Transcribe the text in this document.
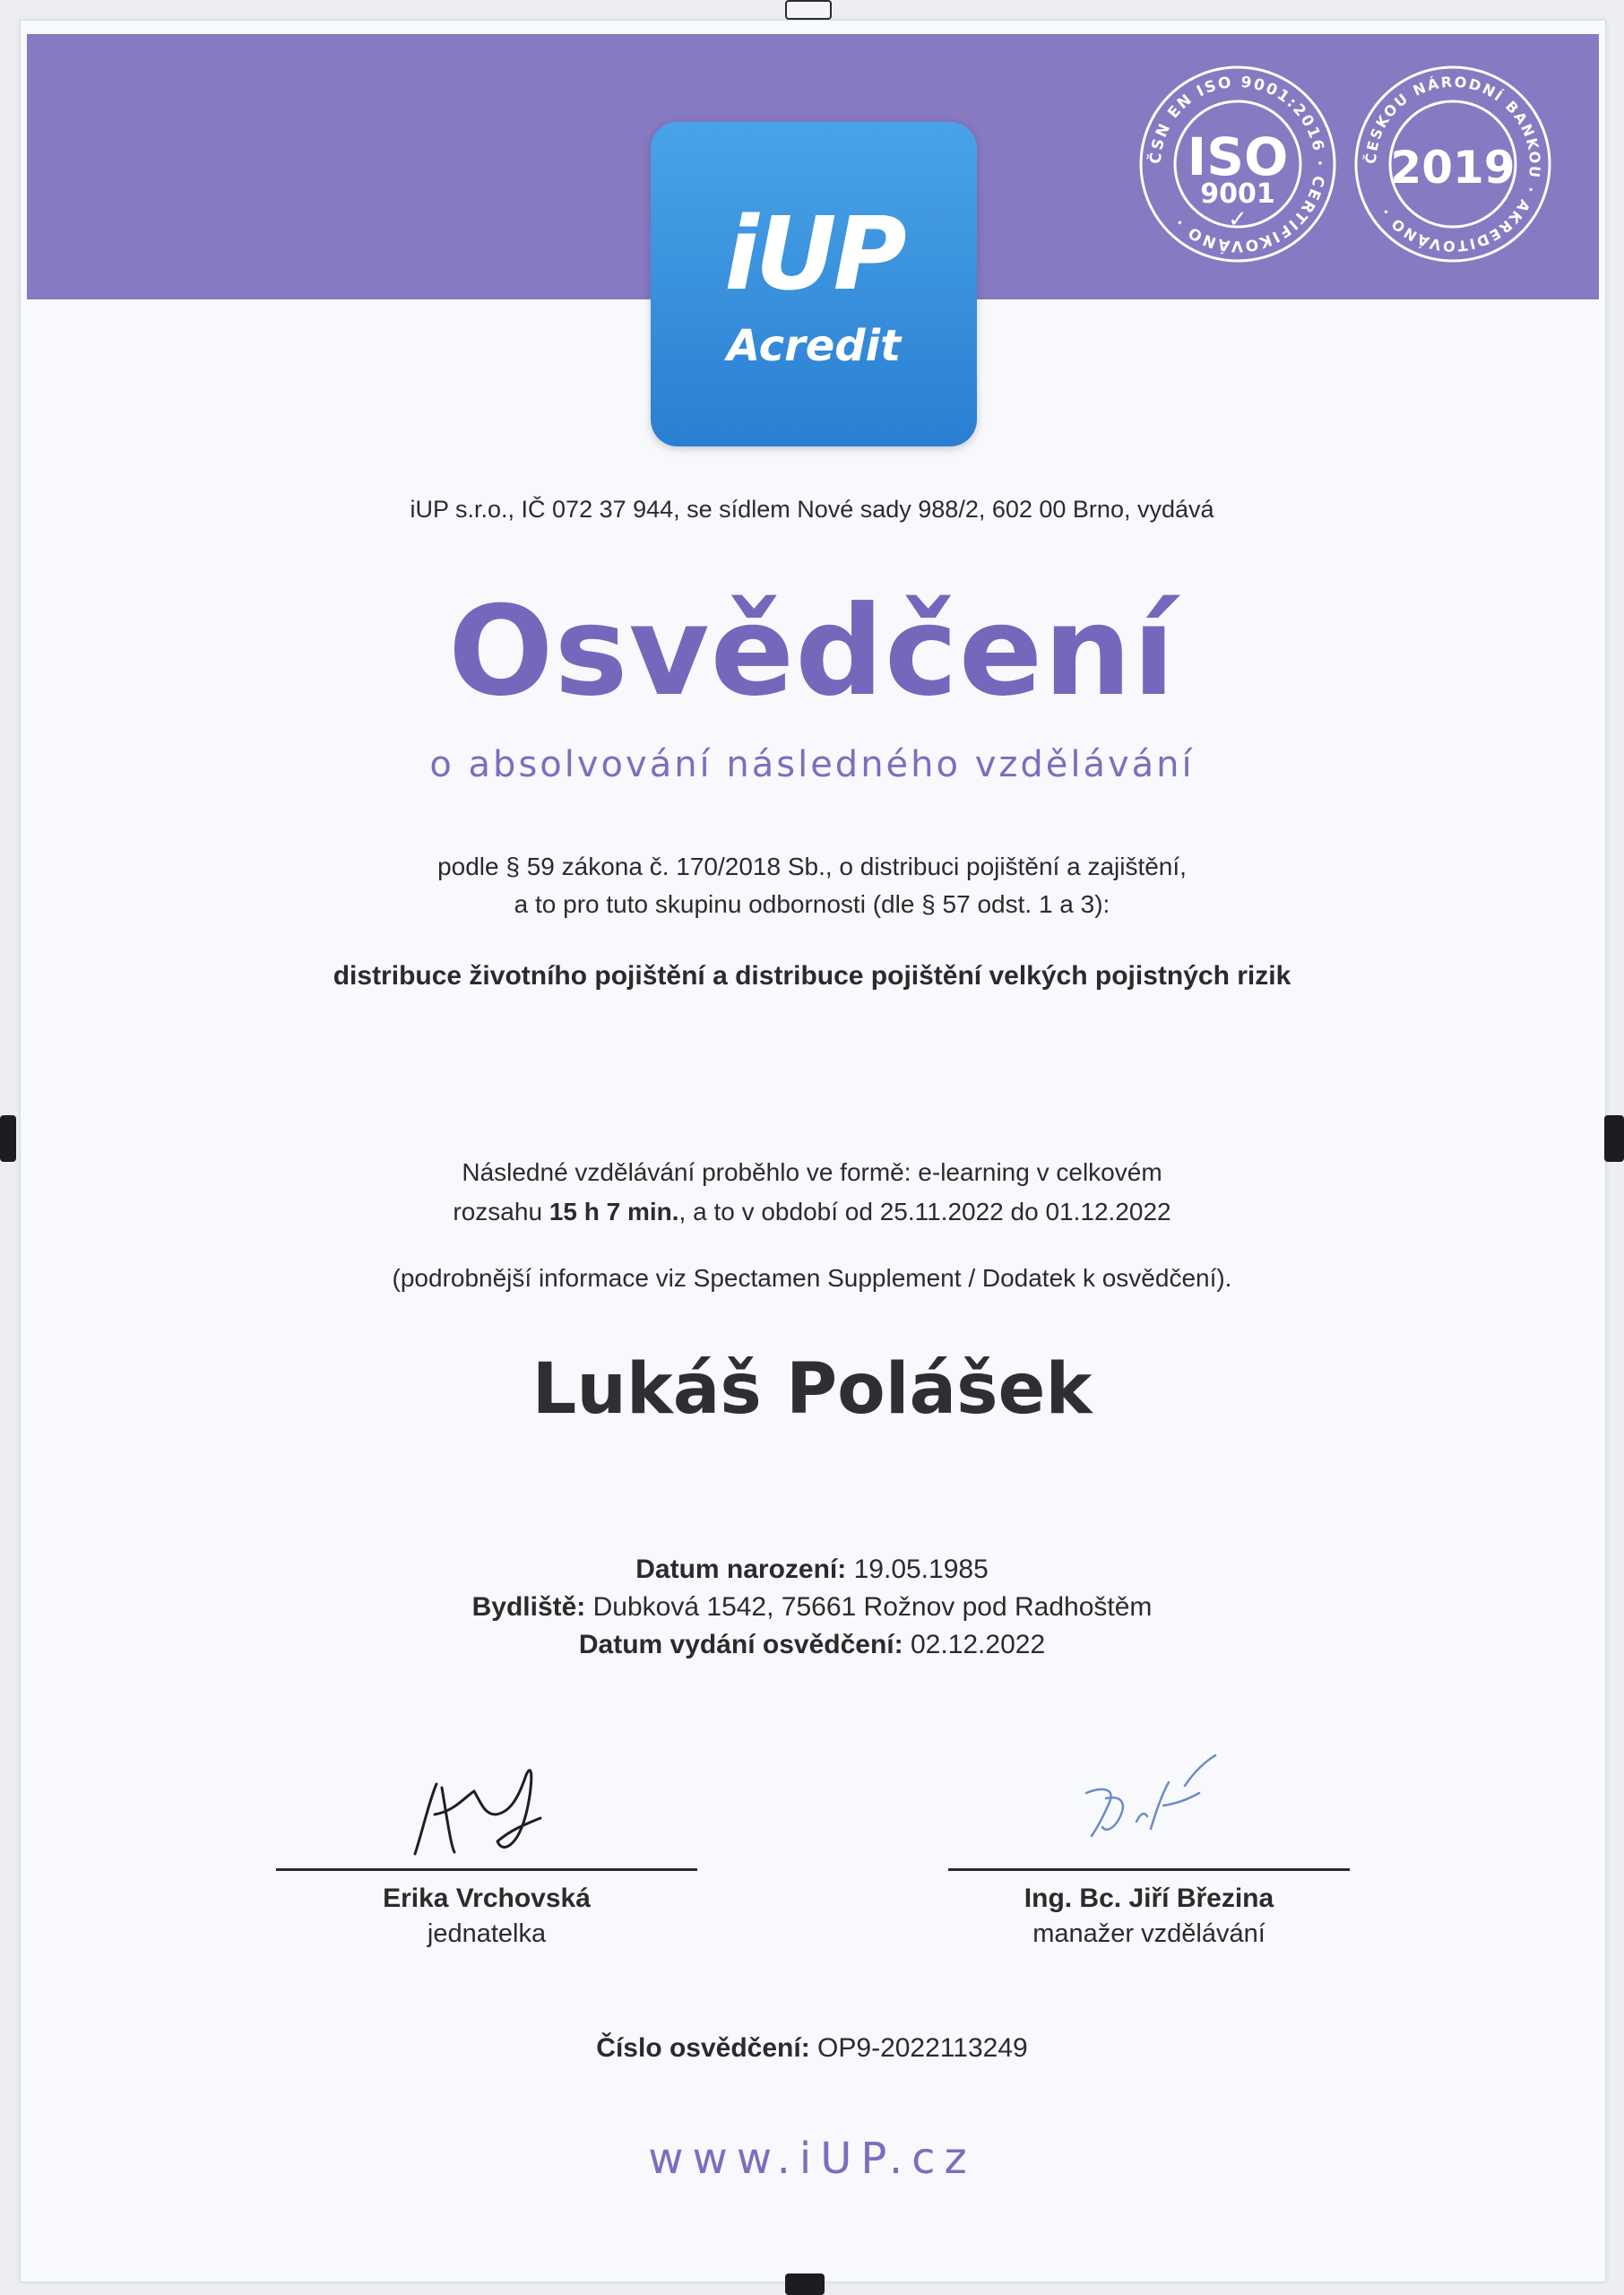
iUP
Acredit
ČSN EN ISO 9001:2016 · CERTIFIKOVÁNO ·
ISO
9001
✓
ČESKOU NÁRODNÍ BANKOU · AKREDITOVÁNO ·
2019
iUP s.r.o., IČ 072 37 944, se sídlem Nové sady 988/2, 602 00 Brno, vydává
Osvědčení
o absolvování následného vzdělávání
podle § 59 zákona č. 170/2018 Sb., o distribuci pojištění a zajištění,
a to pro tuto skupinu odbornosti (dle § 57 odst. 1 a 3):
distribuce životního pojištění a distribuce pojištění velkých pojistných rizik
Následné vzdělávání proběhlo ve formě: e-learning v celkovém
rozsahu 15 h 7 min., a to v období od 25.11.2022 do 01.12.2022
(podrobnější informace viz Spectamen Supplement / Dodatek k osvědčení).
Lukáš Polášek
Datum narození: 19.05.1985
Bydliště: Dubková 1542, 75661 Rožnov pod Radhoštěm
Datum vydání osvědčení: 02.12.2022
Erika Vrchovská
jednatelka
Ing. Bc. Jiří Březina
manažer vzdělávání
Číslo osvědčení: OP9-2022113249
www.iUP.cz
